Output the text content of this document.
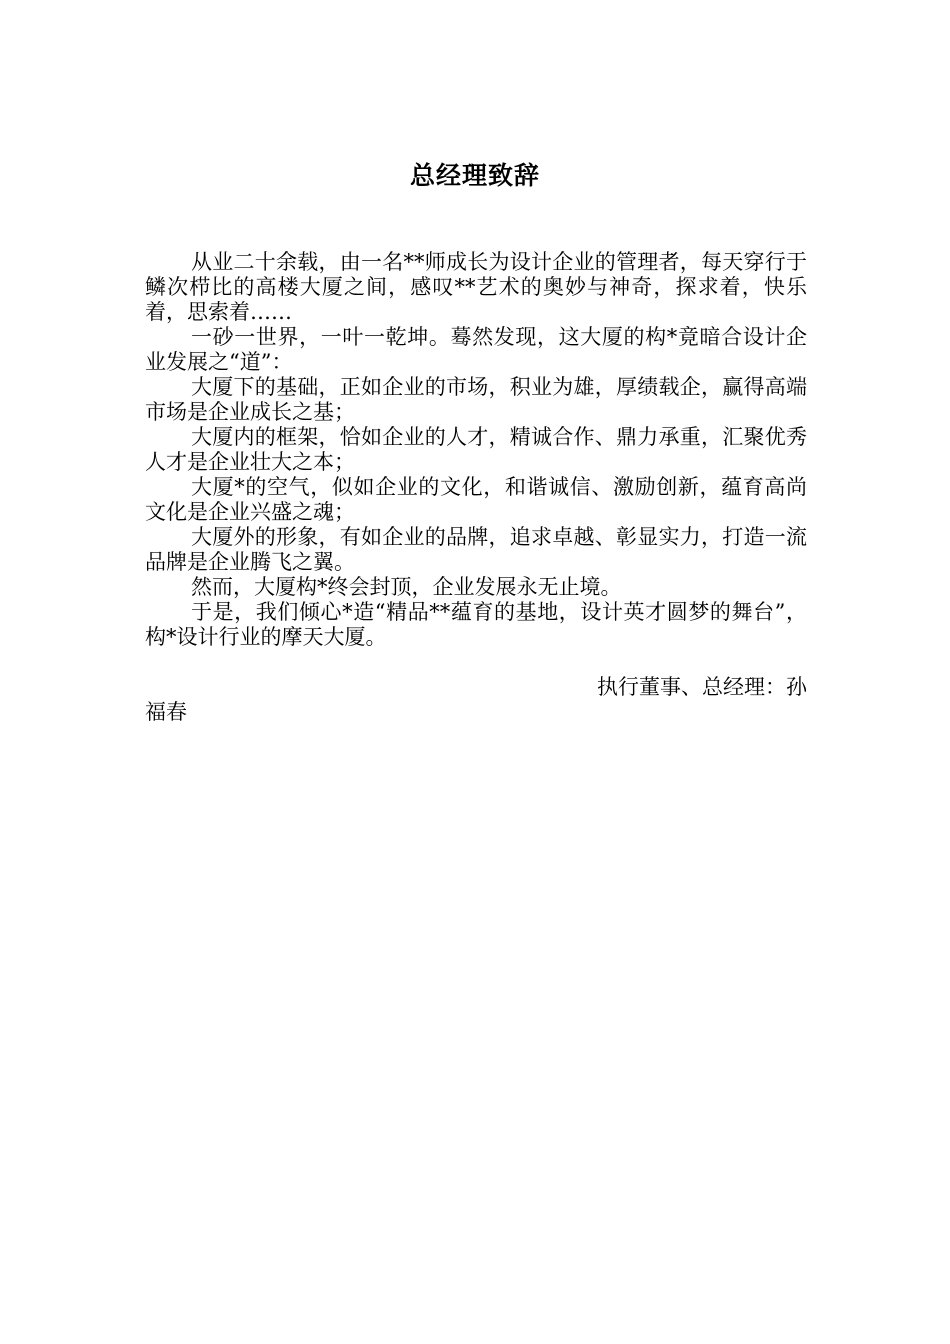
总经理致辞

从业二十余载，由一名**师成长为设计企业的管理者，每天穿行于鳞次栉比的高楼大厦之间，感叹**艺术的奥妙与神奇，探求着，快乐着，思索着……

一砂一世界，一叶一乾坤。蓦然发现，这大厦的构*竟暗合设计企业发展之“道”：

大厦下的基础，正如企业的市场，积业为雄，厚绩载企，赢得高端市场是企业成长之基；

大厦内的框架，恰如企业的人才，精诚合作、鼎力承重，汇聚优秀人才是企业壮大之本；

大厦*的空气，似如企业的文化，和谐诚信、激励创新，蕴育高尚文化是企业兴盛之魂；

大厦外的形象，有如企业的品牌，追求卓越、彰显实力，打造一流品牌是企业腾飞之翼。

然而，大厦构*终会封顶，企业发展永无止境。

于是，我们倾心*造“精品**蕴育的基地，设计英才圆梦的舞台”，构*设计行业的摩天大厦。

执行董事、总经理：孙

福春
